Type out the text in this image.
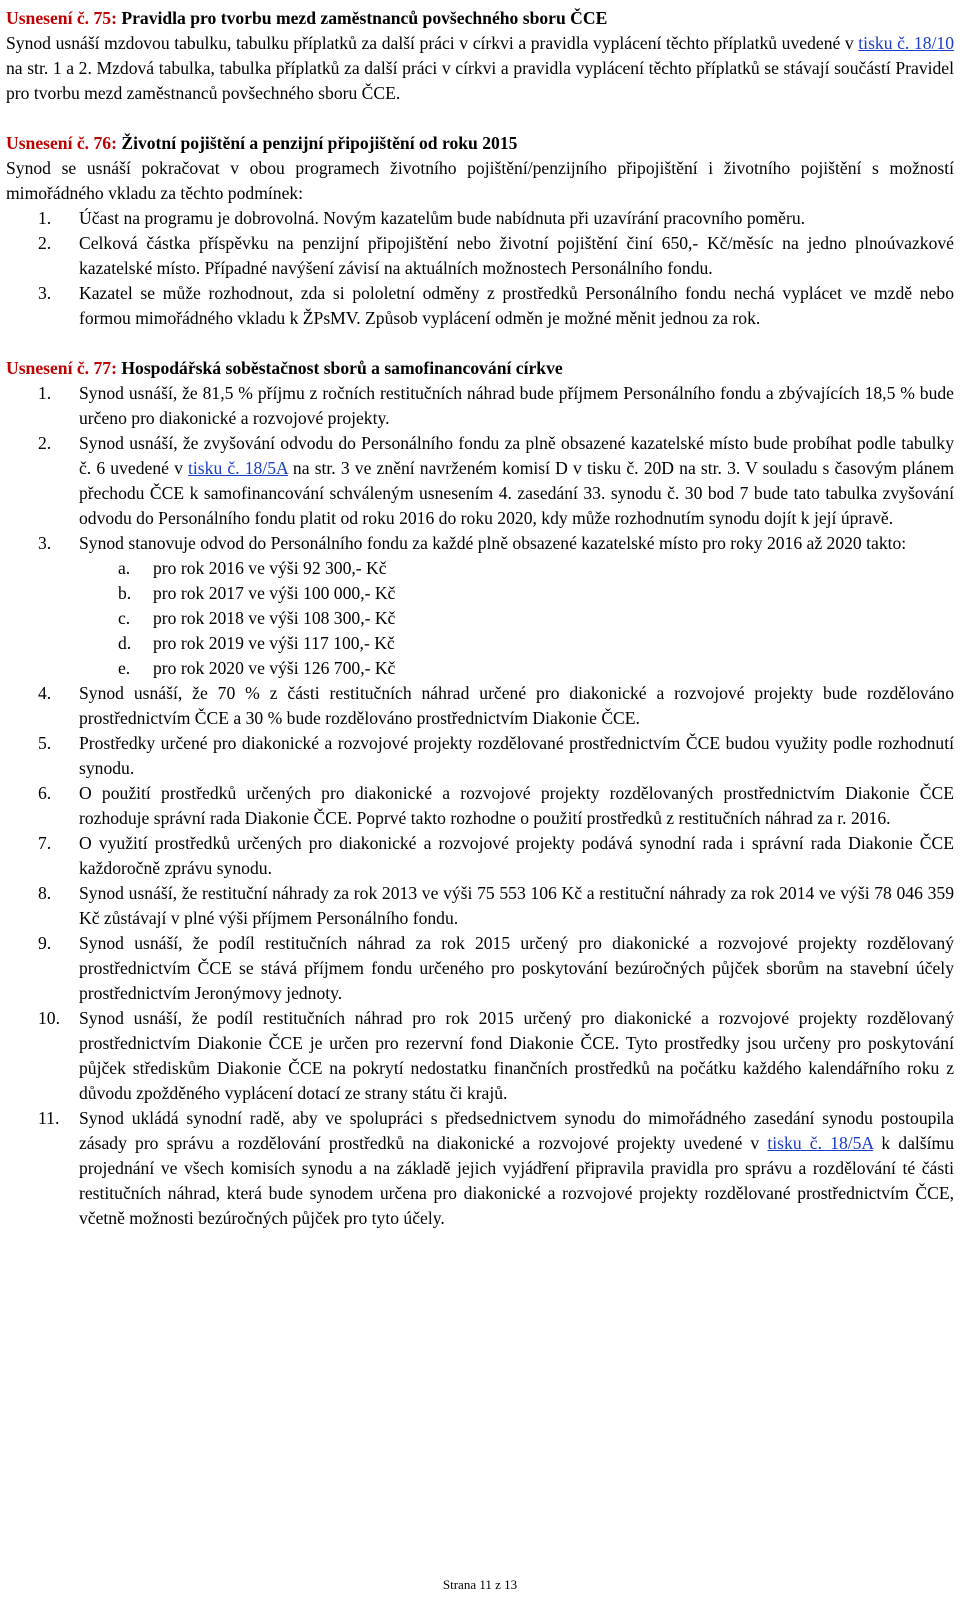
Usnesení č. 75: Pravidla pro tvorbu mezd zaměstnanců povšechného sboru ČCE

Synod usnáší mzdovou tabulku, tabulku příplatků za další práci v církvi a pravidla vyplácení těchto příplatků uvedené v tisku č. 18/10 na str. 1 a 2. Mzdová tabulka, tabulka příplatků za další práci v církvi a pravidla vyplácení těchto příplatků se stávají součástí Pravidel pro tvorbu mezd zaměstnanců povšechného sboru ČCE.

Usnesení č. 76: Životní pojištění a penzijní připojištění od roku 2015

Synod se usnáší pokračovat v obou programech životního pojištění/penzijního připojištění i životního pojištění s možností mimořádného vkladu za těchto podmínek:

1. Účast na programu je dobrovolná. Novým kazatelům bude nabídnuta při uzavírání pracovního poměru.
2. Celková částka příspěvku na penzijní připojištění nebo životní pojištění činí 650,- Kč/měsíc na jedno plnoúvazkové kazatelské místo. Případné navýšení závisí na aktuálních možnostech Personálního fondu.
3. Kazatel se může rozhodnout, zda si pololetní odměny z prostředků Personálního fondu nechá vyplácet ve mzdě nebo formou mimořádného vkladu k ŽPsMV. Způsob vyplácení odměn je možné měnit jednou za rok.
Usnesení č. 77: Hospodářská soběstačnost sborů a samofinancování církve
1. Synod usnáší, že 81,5 % příjmu z ročních restitučních náhrad bude příjmem Personálního fondu a zbývajících 18,5 % bude určeno pro diakonické a rozvojové projekty.
2. Synod usnáší, že zvyšování odvodu do Personálního fondu za plně obsazené kazatelské místo bude probíhat podle tabulky č. 6 uvedené v tisku č. 18/5A na str. 3 ve znění navrženém komisí D v tisku č. 20D na str. 3. V souladu s časovým plánem přechodu ČCE k samofinancování schváleným usnesením 4. zasedání 33. synodu č. 30 bod 7 bude tato tabulka zvyšování odvodu do Personálního fondu platit od roku 2016 do roku 2020, kdy může rozhodnutím synodu dojít k její úpravě.
3. Synod stanovuje odvod do Personálního fondu za každé plně obsazené kazatelské místo pro roky 2016 až 2020 takto:
a. pro rok 2016 ve výši 92 300,- Kč
b. pro rok 2017 ve výši 100 000,- Kč
c. pro rok 2018 ve výši 108 300,- Kč
d. pro rok 2019 ve výši 117 100,- Kč
e. pro rok 2020 ve výši 126 700,- Kč
4. Synod usnáší, že 70 % z části restitučních náhrad určené pro diakonické a rozvojové projekty bude rozdělováno prostřednictvím ČCE a 30 % bude rozdělováno prostřednictvím Diakonie ČCE.
5. Prostředky určené pro diakonické a rozvojové projekty rozdělované prostřednictvím ČCE budou využity podle rozhodnutí synodu.
6. O použití prostředků určených pro diakonické a rozvojové projekty rozdělovaných prostřednictvím Diakonie ČCE rozhoduje správní rada Diakonie ČCE. Poprvé takto rozhodne o použití prostředků z restitučních náhrad za r. 2016.
7. O využití prostředků určených pro diakonické a rozvojové projekty podává synodní rada i správní rada Diakonie ČCE každoročně zprávu synodu.
8. Synod usnáší, že restituční náhrady za rok 2013 ve výši 75 553 106 Kč a restituční náhrady za rok 2014 ve výši 78 046 359 Kč zůstávají v plné výši příjmem Personálního fondu.
9. Synod usnáší, že podíl restitučních náhrad za rok 2015 určený pro diakonické a rozvojové projekty rozdělovaný prostřednictvím ČCE se stává příjmem fondu určeného pro poskytování bezúročných půjček sborům na stavební účely prostřednictvím Jeronýmovy jednoty.
10. Synod usnáší, že podíl restitučních náhrad pro rok 2015 určený pro diakonické a rozvojové projekty rozdělovaný prostřednictvím Diakonie ČCE je určen pro rezervní fond Diakonie ČCE. Tyto prostředky jsou určeny pro poskytování půjček střediskům Diakonie ČCE na pokrytí nedostatku finančních prostředků na počátku každého kalendářního roku z důvodu zpožděného vyplácení dotací ze strany státu či krajů.
11. Synod ukládá synodní radě, aby ve spolupráci s předsednictvem synodu do mimořádného zasedání synodu postoupila zásady pro správu a rozdělování prostředků na diakonické a rozvojové projekty uvedené v tisku č. 18/5A k dalšímu projednání ve všech komisích synodu a na základě jejich vyjádření připravila pravidla pro správu a rozdělování té části restitučních náhrad, která bude synodem určena pro diakonické a rozvojové projekty rozdělované prostřednictvím ČCE, včetně možnosti bezúročných půjček pro tyto účely.
Strana 11 z 13
